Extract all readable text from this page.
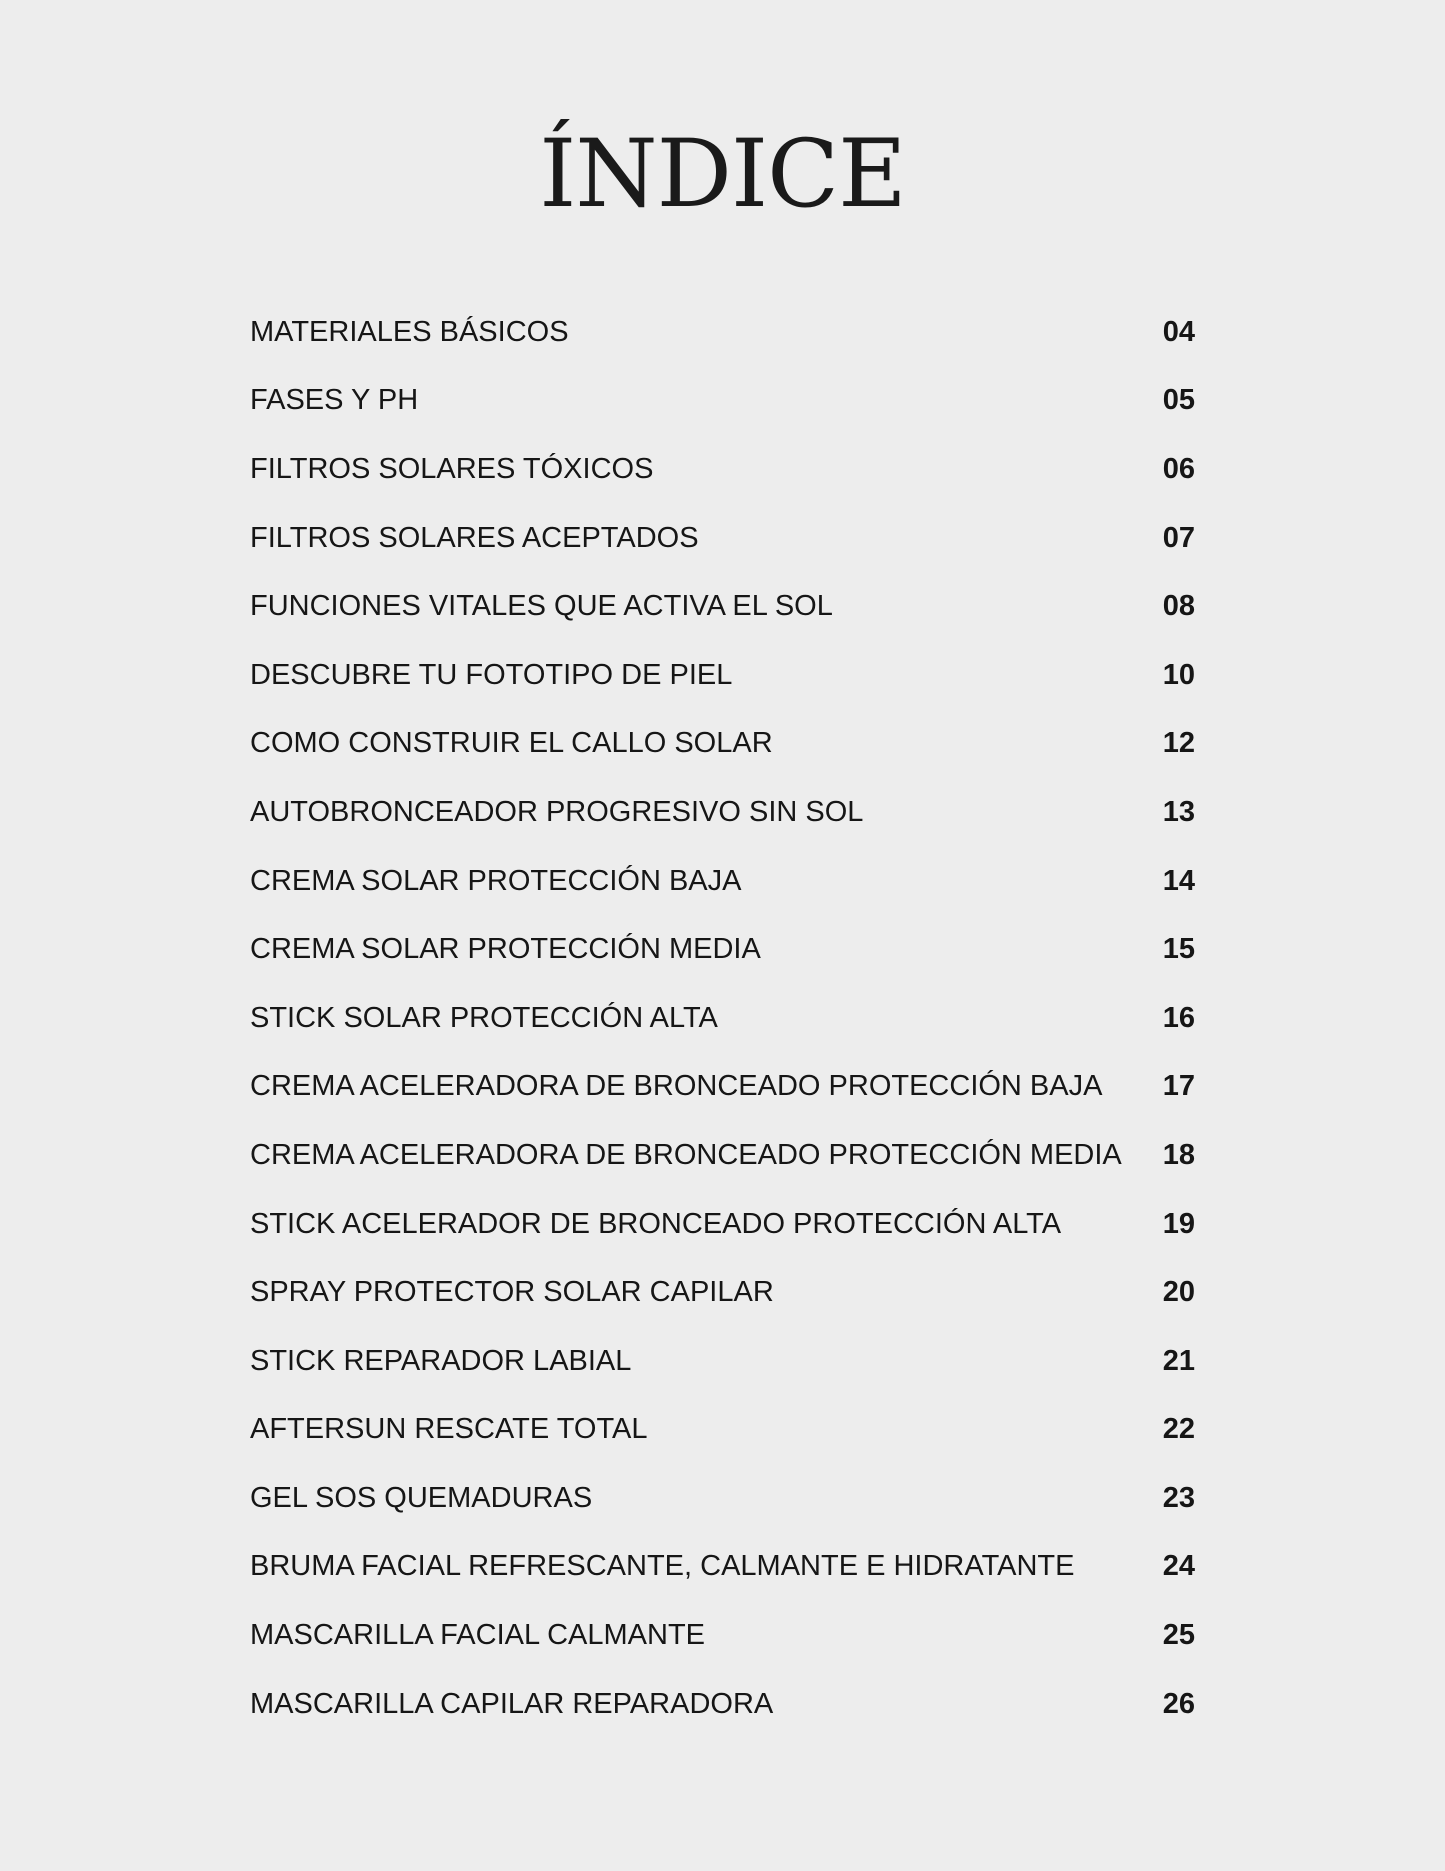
ÍNDICE
MATERIALES BÁSICOS	04
FASES Y PH	05
FILTROS SOLARES TÓXICOS	06
FILTROS SOLARES ACEPTADOS	07
FUNCIONES VITALES QUE ACTIVA EL SOL	08
DESCUBRE TU FOTOTIPO DE PIEL	10
COMO CONSTRUIR EL CALLO SOLAR	12
AUTOBRONCEADOR PROGRESIVO SIN SOL	13
CREMA SOLAR PROTECCIÓN BAJA	14
CREMA SOLAR PROTECCIÓN MEDIA	15
STICK SOLAR PROTECCIÓN ALTA	16
CREMA ACELERADORA DE BRONCEADO PROTECCIÓN BAJA 17
CREMA ACELERADORA DE BRONCEADO PROTECCIÓN MEDIA 18
STICK ACELERADOR DE BRONCEADO PROTECCIÓN ALTA	19
SPRAY PROTECTOR SOLAR CAPILAR	20
STICK REPARADOR LABIAL	21
AFTERSUN RESCATE TOTAL	22
GEL SOS QUEMADURAS	23
BRUMA FACIAL REFRESCANTE, CALMANTE E HIDRATANTE	24
MASCARILLA FACIAL CALMANTE	25
MASCARILLA CAPILAR REPARADORA	26
